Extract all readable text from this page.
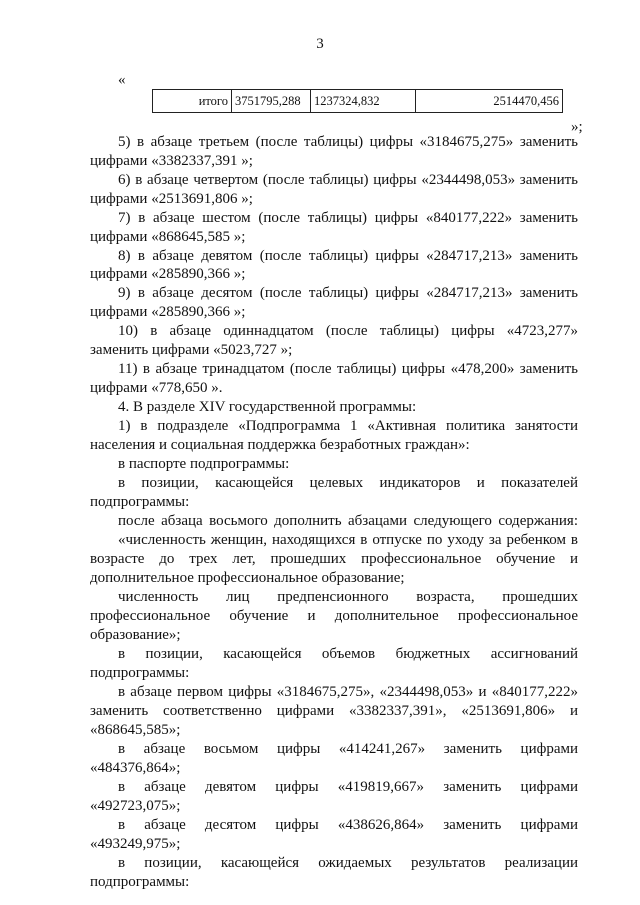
3
«
итого	3751795,288	1237324,832	2514470,456
»;
5) в абзаце третьем (после таблицы) цифры «3184675,275» заменить
цифрами «3382337,391 »;
6) в абзаце четвертом (после таблицы) цифры «2344498,053» заменить
цифрами «2513691,806 »;
7) в абзаце шестом (после таблицы) цифры «840177,222» заменить
цифрами «868645,585 »;
8) в абзаце девятом (после таблицы) цифры «284717,213» заменить
цифрами «285890,366 »;
9) в абзаце десятом (после таблицы) цифры «284717,213» заменить
цифрами «285890,366 »;
10) в абзаце одиннадцатом (после таблицы) цифры «4723,277»
заменить цифрами «5023,727 »;
11) в абзаце тринадцатом (после таблицы) цифры «478,200» заменить
цифрами «778,650 ».
4. В разделе XIV государственной программы:
1) в подразделе «Подпрограмма 1 «Активная политика занятости
населения и социальная поддержка безработных граждан»:
в паспорте подпрограммы:
в позиции, касающейся целевых индикаторов и показателей
подпрограммы:
после абзаца восьмого дополнить абзацами следующего содержания:
«численность женщин, находящихся в отпуске по уходу за ребенком в
возрасте до трех лет, прошедших профессиональное обучение и
дополнительное профессиональное образование;
численность лиц предпенсионного возраста, прошедших
профессиональное обучение и дополнительное профессиональное
образование»;
в позиции, касающейся объемов бюджетных ассигнований
подпрограммы:
в абзаце первом цифры «3184675,275», «2344498,053» и «840177,222»
заменить соответственно цифрами «3382337,391», «2513691,806» и
«868645,585»;
в абзаце восьмом цифры «414241,267» заменить цифрами
«484376,864»;
в абзаце девятом цифры «419819,667» заменить цифрами
«492723,075»;
в абзаце десятом цифры «438626,864» заменить цифрами
«493249,975»;
в позиции, касающейся ожидаемых результатов реализации
подпрограммы:
